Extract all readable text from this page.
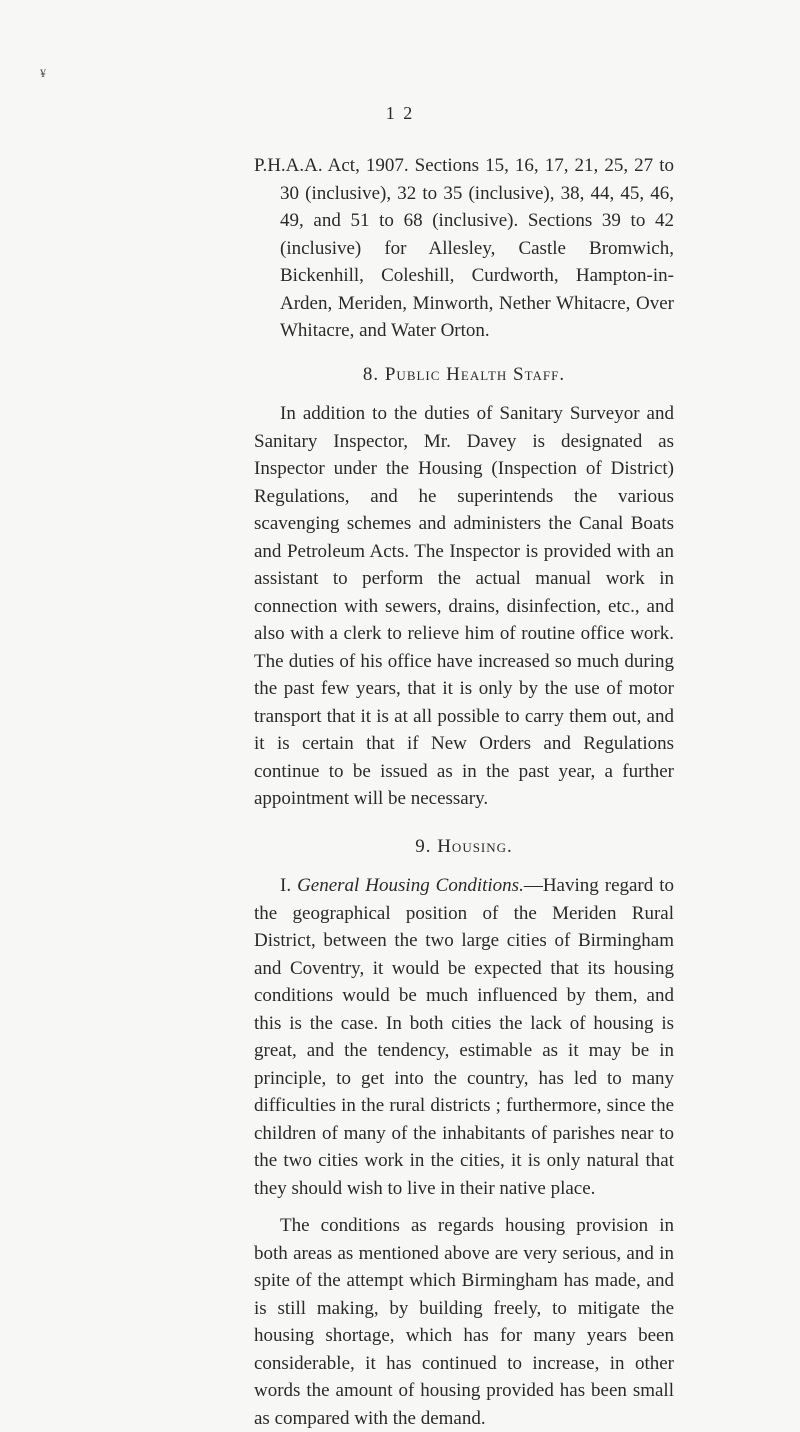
¥
1 2

P.H.A.A. Act, 1907. Sections 15, 16, 17, 21, 25, 27 to 30 (inclusive), 32 to 35 (inclusive), 38, 44, 45, 46, 49, and 51 to 68 (inclusive). Sections 39 to 42 (inclusive) for Allesley, Castle Bromwich, Bickenhill, Coleshill, Curdworth, Hampton-in-Arden, Meriden, Minworth, Nether Whitacre, Over Whitacre, and Water Orton.

8. Public Health Staff.

In addition to the duties of Sanitary Surveyor and Sanitary Inspector, Mr. Davey is designated as Inspector under the Housing (Inspection of District) Regulations, and he superintends the various scavenging schemes and administers the Canal Boats and Petroleum Acts. The Inspector is provided with an assistant to perform the actual manual work in connection with sewers, drains, disinfection, etc., and also with a clerk to relieve him of routine office work. The duties of his office have increased so much during the past few years, that it is only by the use of motor transport that it is at all possible to carry them out, and it is certain that if New Orders and Regulations continue to be issued as in the past year, a further appointment will be necessary.

9. Housing.

I. General Housing Conditions.—Having regard to the geographical position of the Meriden Rural District, between the two large cities of Birmingham and Coventry, it would be expected that its housing conditions would be much influenced by them, and this is the case. In both cities the lack of housing is great, and the tendency, estimable as it may be in principle, to get into the country, has led to many difficulties in the rural districts ; furthermore, since the children of many of the inhabitants of parishes near to the two cities work in the cities, it is only natural that they should wish to live in their native place.

The conditions as regards housing provision in both areas as mentioned above are very serious, and in spite of the attempt which Birmingham has made, and is still making, by building freely, to mitigate the housing shortage, which has for many years been considerable, it has continued to increase, in other words the amount of housing provided has been small as compared with the demand.
